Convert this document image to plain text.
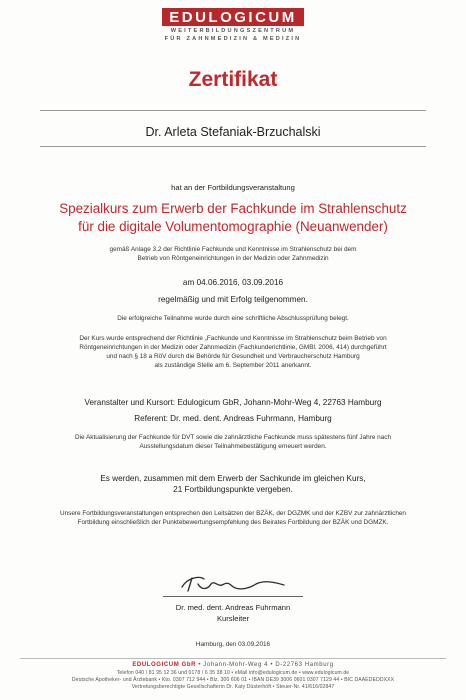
EDULOGICUM
WEITERBILDUNGSZENTRUM
FÜR ZAHNMEDIZIN & MEDIZIN
Zertifikat
Dr. Arleta Stefaniak-Brzuchalski
hat an der Fortbildungsveranstaltung
Spezialkurs zum Erwerb der Fachkunde im Strahlenschutz
für die digitale Volumentomographie (Neuanwender)
gemäß Anlage 3.2 der Richtlinie Fachkunde und Kenntnisse im Strahlenschutz bei dem
Betrieb von Röntgeneinrichtungen in der Medizin oder Zahnmedizin
am 04.06.2016, 03.09.2016
regelmäßig und mit Erfolg teilgenommen.
Die erfolgreiche Teilnahme wurde durch eine schriftliche Abschlussprüfung belegt.
Der Kurs wurde entsprechend der Richtlinie „Fachkunde und Kenntnisse im Strahlenschutz beim Betrieb von
Röntgeneinrichtungen in der Medizin oder Zahnmedizin (Fachkunderichtlinie, GMBl. 2006, 414) durchgeführt
und nach § 18 a RöV durch die Behörde für Gesundheit und Verbraucherschutz Hamburg
als zuständige Stelle am 6. September 2011 anerkannt.
Veranstalter und Kursort: Edulogicum GbR, Johann-Mohr-Weg 4, 22763 Hamburg
Referent: Dr. med. dent. Andreas Fuhrmann, Hamburg
Die Aktualisierung der Fachkunde für DVT sowie die zahnärztliche Fachkunde muss spätestens fünf Jahre nach
Ausstellungsdatum dieser Teilnahmebestätigung erneuert werden.
Es werden, zusammen mit dem Erwerb der Sachkunde im gleichen Kurs,
21 Fortbildungspunkte vergeben.
Unsere Fortbildungsveranstaltungen entsprechen den Leitsätzen der BZÄK, der DGZMK und der KZBV zur zahnärztlichen
Fortbildung einschließlich der Punktebewertungsempfehlung des Beirates Fortbildung der BZÄK und DGMZK.
Dr. med. dent. Andreas Fuhrmann
Kursleiter
Hamburg, den 03.09.2016
EDULOGICUM GbR • Johann-Mohr-Weg 4 • D-22763 Hamburg
Telefon 040 / 81 95 12 36 und 0178 / 6 35 38 10 • eMail info@edulogicum.de • www.edulogicum.de
Deutsche Apotheker- und Ärztebank • Kto. 0307 712 944 • Blz. 300 606 01 • IBAN DE39 3006 0601 0307 7129 44 • BIC DAAEDEDDXXX
Vertretungsberechtigte Gesellschafterin Dr. Katy Düsterhöft • Steuer-Nr. 41/616/02847
